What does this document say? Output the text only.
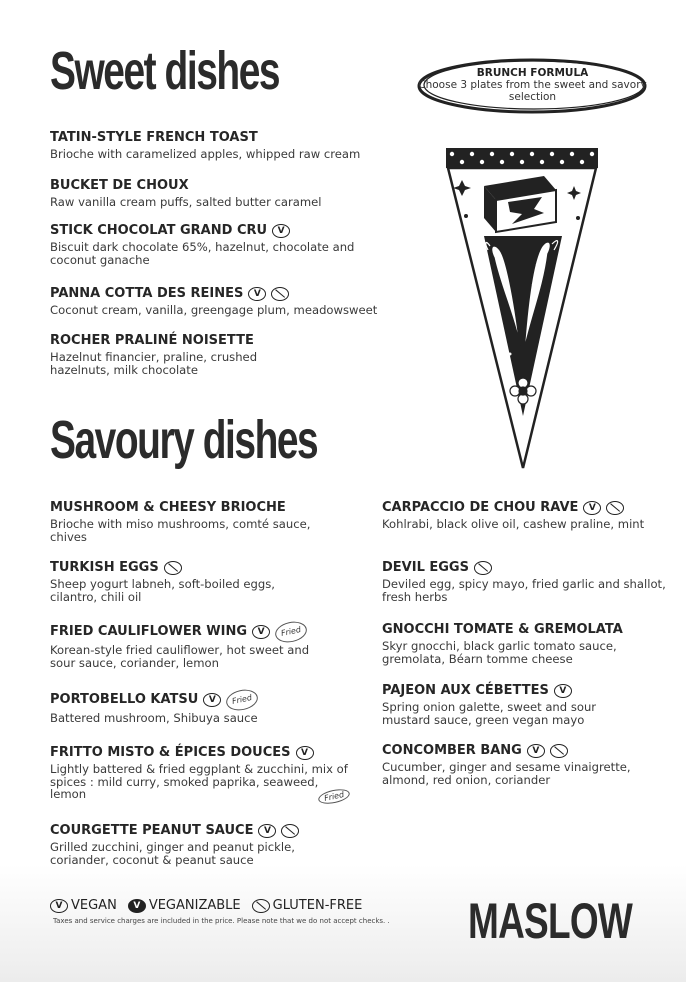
Sweet dishes
TATIN-STYLE FRENCH TOAST
Brioche with caramelized apples, whipped raw cream
BUCKET DE CHOUX
Raw vanilla cream puffs, salted butter caramel
STICK CHOCOLAT GRAND CRU	V
Biscuit dark chocolate 65%, hazelnut, chocolate and coconut ganache
PANNA COTTA DES REINES	V
Coconut cream, vanilla, greengage plum, meadowsweet
ROCHER PRALINÉ NOISETTE
Hazelnut financier, praline, crushed hazelnuts, milk chocolate
BRUNCH FORMULA
Choose 3 plates from the sweet and savory selection
Savoury dishes
MUSHROOM & CHEESY BRIOCHE
Brioche with miso mushrooms, comté sauce, chives
TURKISH EGGS
Sheep yogurt labneh, soft-boiled eggs, cilantro, chili oil
FRIED CAULIFLOWER WING	V	Fried
Korean-style fried cauliflower, hot sweet and sour sauce, coriander, lemon
PORTOBELLO KATSU	V	Fried
Battered mushroom, Shibuya sauce
FRITTO MISTO & ÉPICES DOUCES	V
Lightly battered & fried eggplant & zucchini, mix of spices : mild curry, smoked paprika, seaweed, lemon	Fried
COURGETTE PEANUT SAUCE	V
Grilled zucchini, ginger and peanut pickle, coriander, coconut & peanut sauce
CARPACCIO DE CHOU RAVE	V
Kohlrabi, black olive oil, cashew praline, mint
DEVIL EGGS
Deviled egg, spicy mayo, fried garlic and shallot, fresh herbs
GNOCCHI TOMATE & GREMOLATA
Skyr gnocchi, black garlic tomato sauce, gremolata, Béarn tomme cheese
PAJEON AUX CÉBETTES	V
Spring onion galette, sweet and sour mustard sauce, green vegan mayo
CONCOMBER BANG	V
Cucumber, ginger and sesame vinaigrette, almond, red onion, coriander
V VEGAN	V VEGANIZABLE GLUTEN-FREE
Taxes and service charges are included in the price. Please note that we do not accept checks. .	MASLOW
